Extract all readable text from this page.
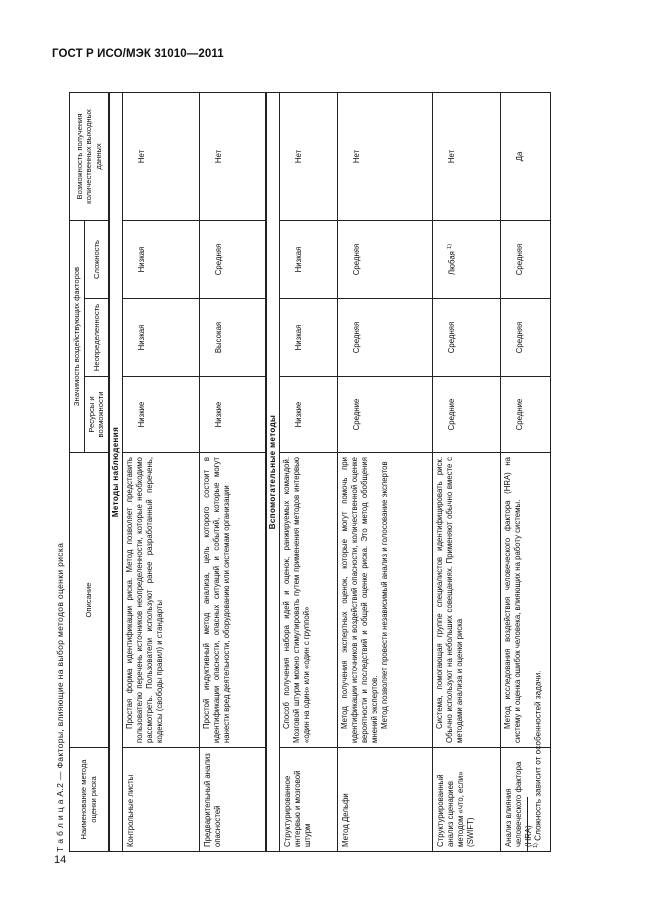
ГОСТ Р ИСО/МЭК 31010—2011
Т а б л и ц а А.2 — Факторы, влияющие на выбор методов оценки риска Наименование метода оценки риска	Описание	Значимость воздействующих факторов			Возможность получения количественных выходных данных
		Ресурсы и возможности	Неопределенность	Сложность	
Методы наблюдения					
Контрольные листы	Простая форма идентификации риска. Метод позволяет представить пользователю перечень источников неопределенности, которые необходимо рассмотреть. Пользователи используют ранее разработанный перечень, кодексы (свободы правил) и стандарты	Низкие	Низкая	Низкая	Нет
Предварительный анализ опасностей	Простой индуктивный метод анализа, цель которого состоит в идентификации опасности, опасных ситуаций и событий, которые могут нанести вред деятельности, оборудованию или системам организации	Низкие	Высокая	Средняя	Нет
Вспомогательные методы					
Структурированное интервью и мозговой штурм	Способ получения набора идей и оценок, ранжируемых командой. Мозговой штурм можно стимулировать путем применения методов интервью «один на один» или «один с группой»	Низкие	Низкая	Низкая	Нет
Метод Дельфи	Метод получения экспертных оценок, которые могут помочь при идентификации источников и воздействий опасности, количественной оценке вероятности и последствий и общей оценке риска. Это метод обобщения мнений экспертов. Метод позволяет провести независимый анализ и голосование экспертов	Средние	Средняя	Средняя	Нет
Структурированный анализ сценариев методом «что, если» (SWIFT)	Система, помогающая группе специалистов идентифицировать риск. Обычно используют на небольших совещаниях. Применяют обычно вместе с методами анализа и оценки риска	Средние	Средняя	Любая $^{1)}$	Нет
Анализ влияния человеческого фактора (HRA)	Метод исследования воздействия человеческого фактора (HRA) на систему и оценка ошибок человека, влияющих на работу системы.	Средние	Средняя	Средняя	Да
$^{1)}$ Сложность зависит от особенностей задачи.
14
